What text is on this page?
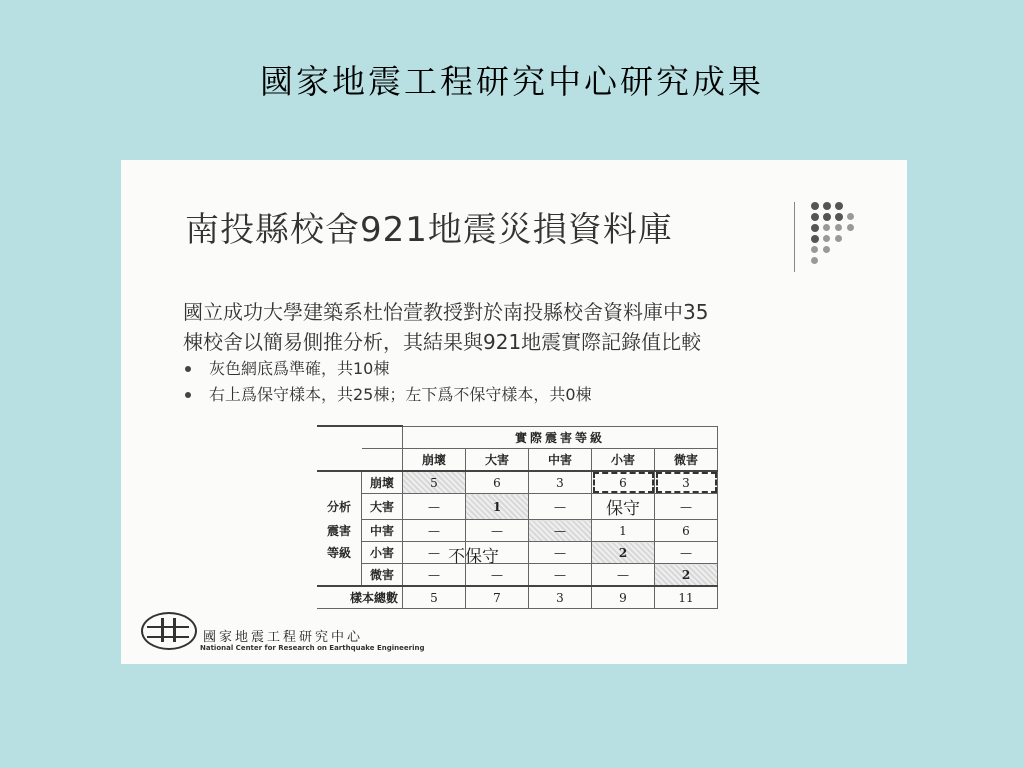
國家地震工程研究中心研究成果
南投縣校舍921地震災損資料庫
國立成功大學建築系杜怡萱教授對於南投縣校舍資料庫中35
棟校舍以簡易側推分析，其結果與921地震實際記錄值比較
灰色網底爲準確，共10棟
右上爲保守樣本，共25棟；左下爲不保守樣本，共0棟
		實際震害等級				
		崩壞	大害	中害	小害	微害
	崩壞	5	6	3	6	3
分析	大害	—	1	—	保守	—
震害	中害	—	—	—	1	6
等級	小害	—	不保守	—	2	—
	微害	—	—	—	—	2
樣本總數		5	7	3	9	11
國家地震工程研究中心
National Center for Research on Earthquake Engineering
